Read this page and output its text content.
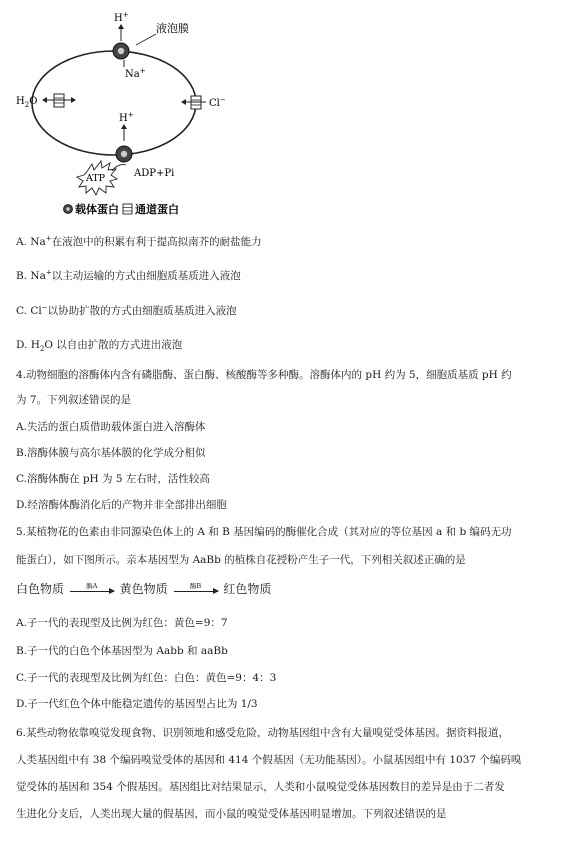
液泡膜
H+
Na+
$H_2O$	Cl−
H+
ATP	ADP+Pi
载体蛋白 通道蛋白
A. Na+在液泡中的积累有利于提高拟南芥的耐盐能力
B. Na+以主动运输的方式由细胞质基质进入液泡
C. Cl−以协助扩散的方式由细胞质基质进入液泡
D. $H_2O$ 以自由扩散的方式进出液泡
4.动物细胞的溶酶体内含有磷脂酶、蛋白酶、核酸酶等多种酶。溶酶体内的 pH 约为 5，细胞质基质 pH 约
为 7。下列叙述错误的是
A.失活的蛋白质借助载体蛋白进入溶酶体
B.溶酶体膜与高尔基体膜的化学成分相似
C.溶酶体酶在 pH 为 5 左右时，活性较高
D.经溶酶体酶消化后的产物并非全部排出细胞
5.某植物花的色素由非同源染色体上的 A 和 B 基因编码的酶催化合成（其对应的等位基因 a 和 b 编码无功
能蛋白），如下图所示。亲本基因型为 AaBb 的植株自花授粉产生子一代，下列相关叙述正确的是
白色物质	酶A	黄色物质	酶B	红色物质
A.子一代的表现型及比例为红色：黄色=9：7
B.子一代的白色个体基因型为 Aabb 和 aaBb
C.子一代的表现型及比例为红色：白色：黄色=9：4：3
D.子一代红色个体中能稳定遗传的基因型占比为 1/3
6.某些动物依靠嗅觉发现食物、识别领地和感受危险，动物基因组中含有大量嗅觉受体基因。据资料报道，
人类基因组中有 38 个编码嗅觉受体的基因和 414 个假基因（无功能基因）。小鼠基因组中有 1037 个编码嗅
觉受体的基因和 354 个假基因。基因组比对结果显示，人类和小鼠嗅觉受体基因数目的差异是由于二者发
生进化分支后，人类出现大量的假基因，而小鼠的嗅觉受体基因明显增加。下列叙述错误的是
